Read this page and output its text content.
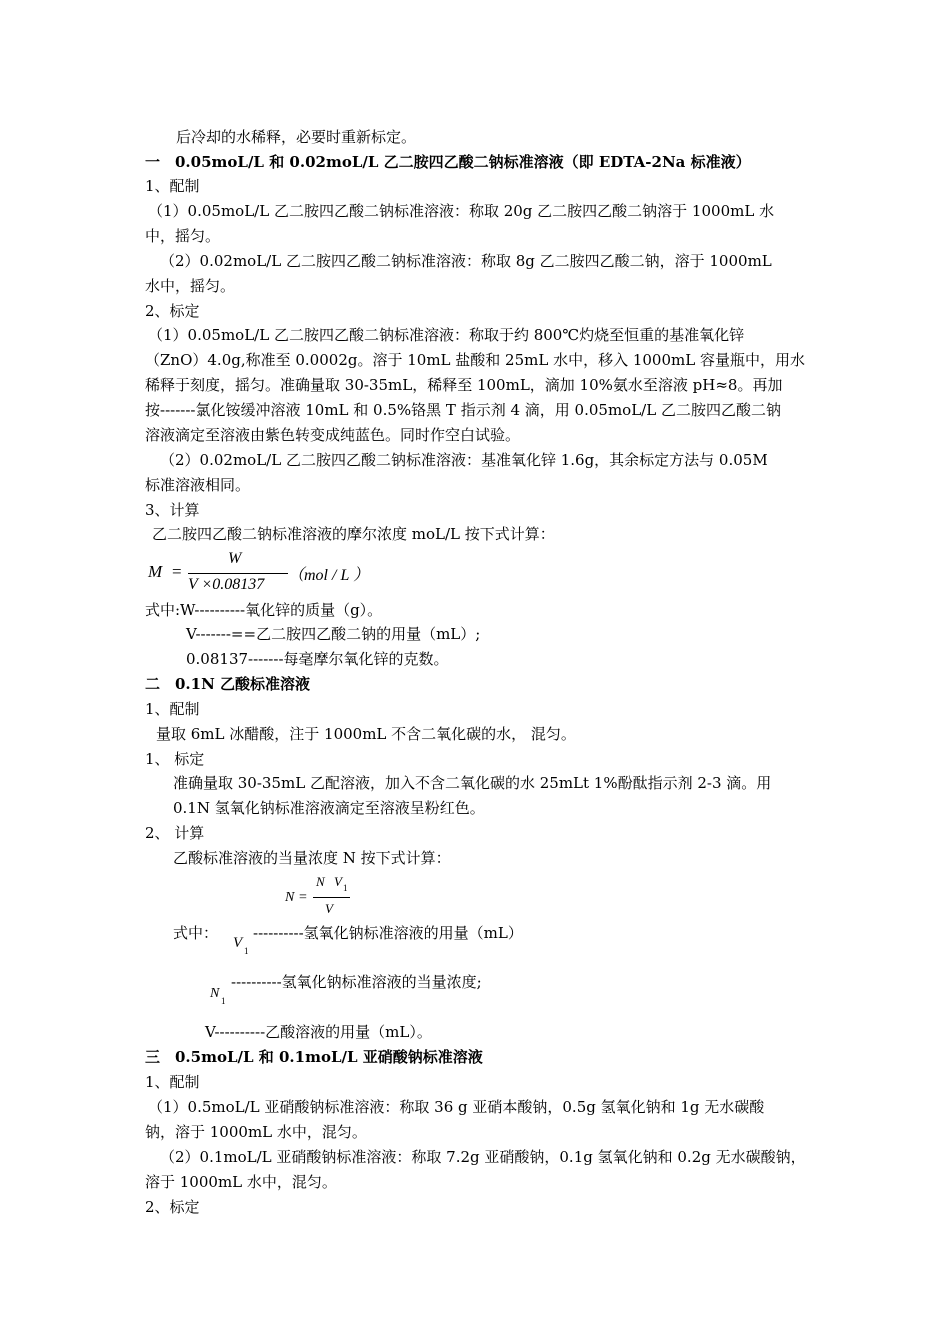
后冷却的水稀释，必要时重新标定。
一　0.05moL/L 和 0.02moL/L 乙二胺四乙酸二钠标准溶液（即 EDTA-2Na 标准液）
1、配制
（1）0.05moL/L 乙二胺四乙酸二钠标准溶液：称取 20g 乙二胺四乙酸二钠溶于 1000mL 水
中，摇匀。
（2）0.02moL/L 乙二胺四乙酸二钠标准溶液：称取 8g 乙二胺四乙酸二钠，溶于 1000mL
水中，摇匀。
2、标定
（1）0.05moL/L 乙二胺四乙酸二钠标准溶液：称取于约 800℃灼烧至恒重的基准氧化锌
（ZnO）4.0g,称准至 0.0002g。溶于 10mL 盐酸和 25mL 水中，移入 1000mL 容量瓶中，用水
稀释于刻度，摇匀。准确量取 30-35mL，稀释至 100mL，滴加 10%氨水至溶液 pH≈8。再加
按-------氯化铵缓冲溶液 10mL 和 0.5%铬黑 T 指示剂 4 滴，用 0.05moL/L 乙二胺四乙酸二钠
溶液滴定至溶液由紫色转变成纯蓝色。同时作空白试验。
（2）0.02moL/L 乙二胺四乙酸二钠标准溶液：基准氧化锌 1.6g，其余标定方法与 0.05M
标准溶液相同。
3、计算
乙二胺四乙酸二钠标准溶液的摩尔浓度 moL/L 按下式计算：
M =
W
V ×0.08137
（mol / L ）
式中:W----------氧化锌的质量（g）。
V-------==乙二胺四乙酸二钠的用量（mL）;
0.08137-------每毫摩尔氧化锌的克数。
二　0.1N 乙酸标准溶液
1、配制
量取 6mL 冰醋酸，注于 1000mL 不含二氧化碳的水， 混匀。
1、 标定
准确量取 30-35mL 乙配溶液，加入不含二氧化碳的水 25mLt 1%酚酞指示剂 2-3 滴。用
0.1N 氢氧化钠标准溶液滴定至溶液呈粉红色。
2、 计算
乙酸标准溶液的当量浓度 N 按下式计算：
N =
N V 1
V
式中：
V 1
----------氢氧化钠标准溶液的用量（mL）
N 1
----------氢氧化钠标准溶液的当量浓度;
V----------乙酸溶液的用量（mL）。
三　0.5moL/L 和 0.1moL/L 亚硝酸钠标准溶液
1、配制
（1）0.5moL/L 亚硝酸钠标准溶液：称取 36 g 亚硝本酸钠，0.5g 氢氧化钠和 1g 无水碳酸
钠，溶于 1000mL 水中，混匀。
（2）0.1moL/L 亚硝酸钠标准溶液：称取 7.2g 亚硝酸钠，0.1g 氢氧化钠和 0.2g 无水碳酸钠，
溶于 1000mL 水中，混匀。
2、标定
